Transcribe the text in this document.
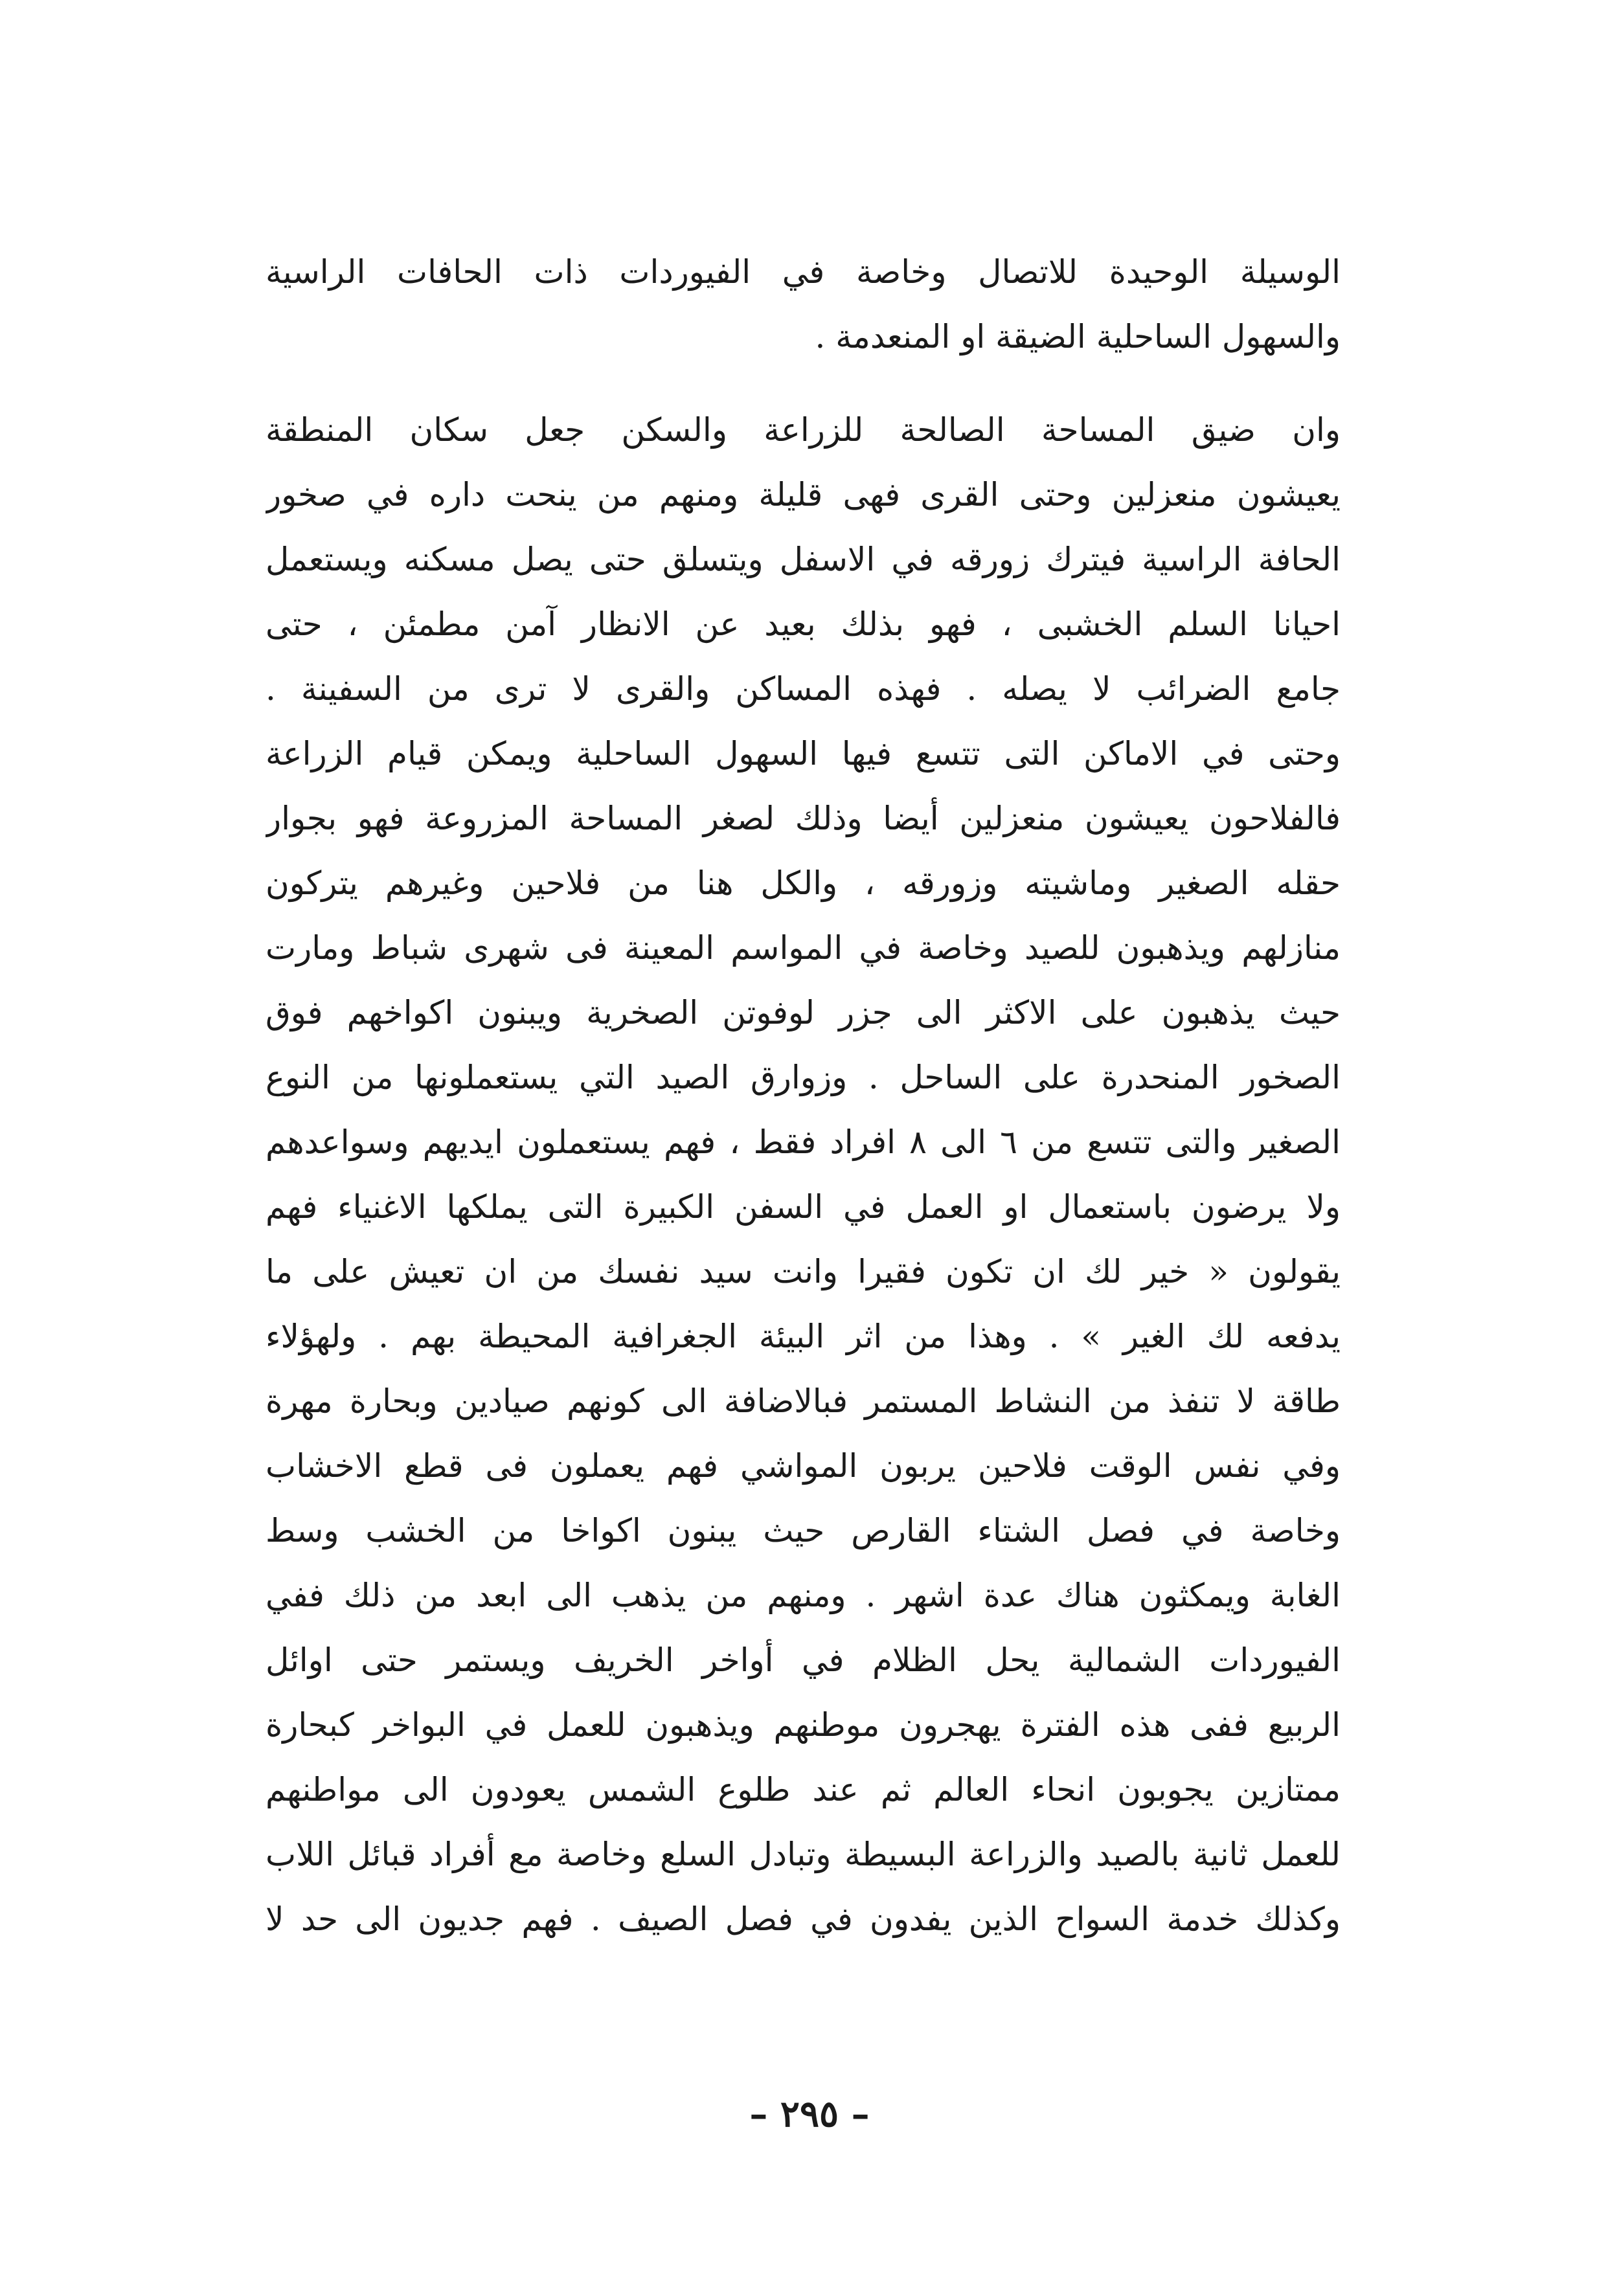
الوسيلة الوحيدة للاتصال وخاصة في الفيوردات ذات الحافات الراسية
والسهول الساحلية الضيقة او المنعدمة .
وان ضيق المساحة الصالحة للزراعة والسكن جعل سكان المنطقة
يعيشون منعزلين وحتى القرى فهى قليلة ومنهم من ينحت داره في صخور
الحافة الراسية فيترك زورقه في الاسفل ويتسلق حتى يصل مسكنه ويستعمل
احيانا السلم الخشبى ، فهو بذلك بعيد عن الانظار آمن مطمئن ، حتى
جامع الضرائب لا يصله . فهذه المساكن والقرى لا ترى من السفينة .
وحتى في الاماكن التى تتسع فيها السهول الساحلية ويمكن قيام الزراعة
فالفلاحون يعيشون منعزلين أيضا وذلك لصغر المساحة المزروعة فهو بجوار
حقله الصغير وماشيته وزورقه ، والكل هنا من فلاحين وغيرهم يتركون
منازلهم ويذهبون للصيد وخاصة في المواسم المعينة فى شهرى شباط ومارت
حيث يذهبون على الاكثر الى جزر لوفوتن الصخرية ويبنون اكواخهم فوق
الصخور المنحدرة على الساحل . وزوارق الصيد التي يستعملونها من النوع
الصغير والتى تتسع من ٦ الى ٨ افراد فقط ، فهم يستعملون ايديهم وسواعدهم
ولا يرضون باستعمال او العمل في السفن الكبيرة التى يملكها الاغنياء فهم
يقولون « خير لك ان تكون فقيرا وانت سيد نفسك من ان تعيش على ما
يدفعه لك الغير » . وهذا من اثر البيئة الجغرافية المحيطة بهم . ولهؤلاء
طاقة لا تنفذ من النشاط المستمر فبالاضافة الى كونهم صيادين وبحارة مهرة
وفي نفس الوقت فلاحين يربون المواشي فهم يعملون فى قطع الاخشاب
وخاصة في فصل الشتاء القارص حيث يبنون اكواخا من الخشب وسط
الغابة ويمكثون هناك عدة اشهر . ومنهم من يذهب الى ابعد من ذلك ففي
الفيوردات الشمالية يحل الظلام في أواخر الخريف ويستمر حتى اوائل
الربيع ففى هذه الفترة يهجرون موطنهم ويذهبون للعمل في البواخر كبحارة
ممتازين يجوبون انحاء العالم ثم عند طلوع الشمس يعودون الى مواطنهم
للعمل ثانية بالصيد والزراعة البسيطة وتبادل السلع وخاصة مع أفراد قبائل اللاب
وكذلك خدمة السواح الذين يفدون في فصل الصيف . فهم جديون الى حد لا
– ٢٩٥ –
